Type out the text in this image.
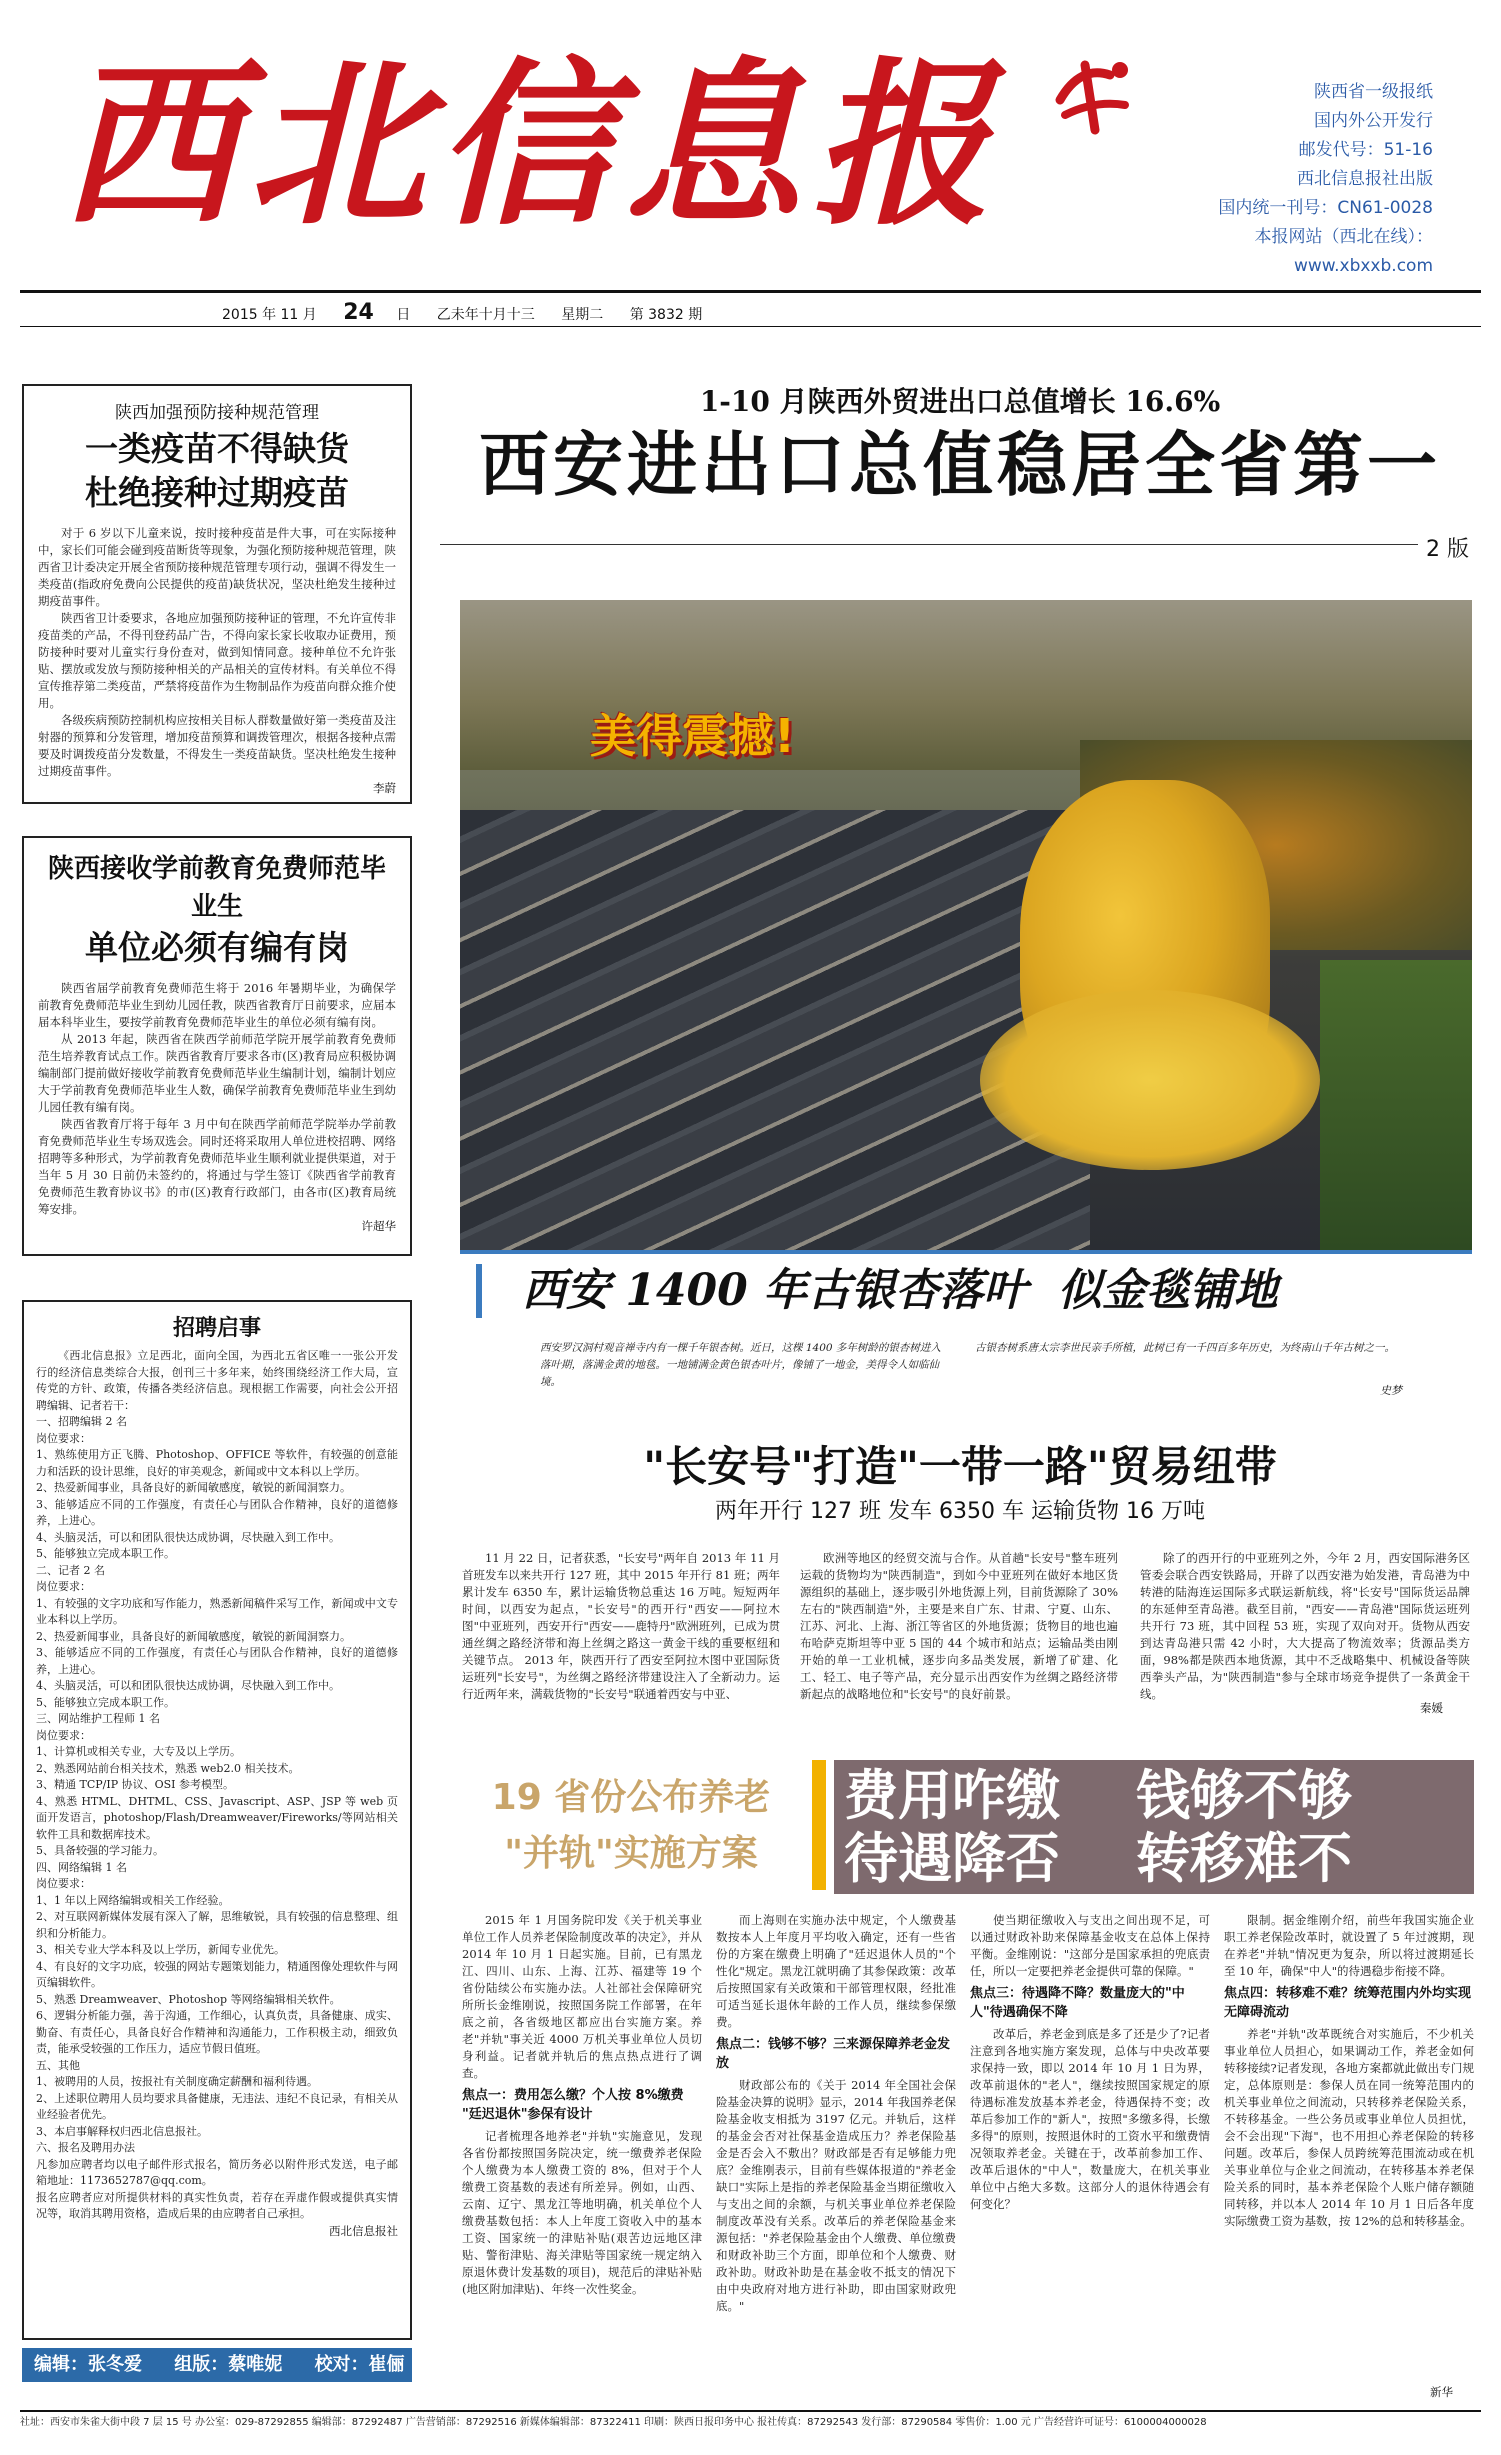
西北信息报	陕西省一级报纸
国内外公开发行
邮发代号：51-16
西北信息报社出版
国内统一刊号：CN61-0028
本报网站（西北在线）：www.xbxxb.com
2015 年 11 月 24 日 乙未年十月十三 星期二 第 3832 期
陕西加强预防接种规范管理
一类疫苗不得缺货
杜绝接种过期疫苗

对于 6 岁以下儿童来说，按时接种疫苗是件大事，可在实际接种中，家长们可能会碰到疫苗断货等现象，为强化预防接种规范管理，陕西省卫计委决定开展全省预防接种规范管理专项行动，强调不得发生一类疫苗(指政府免费向公民提供的疫苗)缺货状况，坚决杜绝发生接种过期疫苗事件。

陕西省卫计委要求，各地应加强预防接种证的管理，不允许宣传非疫苗类的产品，不得刊登药品广告，不得向家长家长收取办证费用，预防接种时要对儿童实行身份查对，做到知情同意。接种单位不允许张贴、摆放或发放与预防接种相关的产品相关的宣传材料。有关单位不得宣传推荐第二类疫苗，严禁将疫苗作为生物制品作为疫苗向群众推介使用。

各级疾病预防控制机构应按相关目标人群数量做好第一类疫苗及注射器的预算和分发管理，增加疫苗预算和调拨管理次，根据各接种点需要及时调拨疫苗分发数量，不得发生一类疫苗缺货。坚决杜绝发生接种过期疫苗事件。

李蔚
陕西接收学前教育免费师范毕业生
单位必须有编有岗

陕西省届学前教育免费师范生将于 2016 年暑期毕业，为确保学前教育免费师范毕业生到幼儿园任教，陕西省教育厅日前要求，应届本届本科毕业生，要按学前教育免费师范毕业生的单位必须有编有岗。

从 2013 年起，陕西省在陕西学前师范学院开展学前教育免费师范生培养教育试点工作。陕西省教育厅要求各市(区)教育局应积极协调编制部门提前做好接收学前教育免费师范毕业生编制计划，编制计划应大于学前教育免费师范毕业生人数，确保学前教育免费师范毕业生到幼儿园任教有编有岗。

陕西省教育厅将于每年 3 月中旬在陕西学前师范学院举办学前教育免费师范毕业生专场双选会。同时还将采取用人单位进校招聘、网络招聘等多种形式，为学前教育免费师范毕业生顺利就业提供渠道，对于当年 5 月 30 日前仍未签约的，将通过与学生签订《陕西省学前教育免费师范生教育协议书》的市(区)教育行政部门，由各市(区)教育局统筹安排。

许超华
招聘启事

《西北信息报》立足西北，面向全国，为西北五省区唯一一张公开发行的经济信息类综合大报，创刊三十多年来，始终围绕经济工作大局，宣传党的方针、政策，传播各类经济信息。现根据工作需要，向社会公开招聘编辑、记者若干：

一、招聘编辑 2 名

岗位要求：

1、熟练使用方正飞腾、Photoshop、OFFICE 等软件，有较强的创意能力和活跃的设计思维，良好的审美观念，新闻或中文本科以上学历。

2、热爱新闻事业，具备良好的新闻敏感度，敏锐的新闻洞察力。

3、能够适应不同的工作强度，有责任心与团队合作精神，良好的道德修养，上进心。

4、头脑灵活，可以和团队很快达成协调，尽快融入到工作中。

5、能够独立完成本职工作。

二、记者 2 名

岗位要求：

1、有较强的文字功底和写作能力，熟悉新闻稿件采写工作，新闻或中文专业本科以上学历。

2、热爱新闻事业，具备良好的新闻敏感度，敏锐的新闻洞察力。

3、能够适应不同的工作强度，有责任心与团队合作精神，良好的道德修养，上进心。

4、头脑灵活，可以和团队很快达成协调，尽快融入到工作中。

5、能够独立完成本职工作。

三、网站维护工程师 1 名

岗位要求：

1、计算机或相关专业，大专及以上学历。

2、熟悉网站前台相关技术，熟悉 web2.0 相关技术。

3、精通 TCP/IP 协议、OSI 参考模型。

4、熟悉 HTML、DHTML、CSS、Javascript、ASP、JSP 等 web 页面开发语言，photoshop/Flash/Dreamweaver/Fireworks/等网站相关软件工具和数据库技术。

5、具备较强的学习能力。

四、网络编辑 1 名

岗位要求：

1、1 年以上网络编辑或相关工作经验。

2、对互联网新媒体发展有深入了解，思维敏锐，具有较强的信息整理、组织和分析能力。

3、相关专业大学本科及以上学历，新闻专业优先。

4、有良好的文字功底，较强的网站专题策划能力，精通图像处理软件与网页编辑软件。

5、熟悉 Dreamweaver、Photoshop 等网络编辑相关软件。

6、逻辑分析能力强，善于沟通，工作细心，认真负责，具备健康、成实、勤奋、有责任心，具备良好合作精神和沟通能力，工作积极主动，细致负责，能承受较强的工作压力，适应节假日值班。

五、其他

1、被聘用的人员，按报社有关制度确定薪酬和福利待遇。

2、上述职位聘用人员均要求具备健康，无违法、违纪不良记录，有相关从业经验者优先。

3、本启事解释权归西北信息报社。

六、报名及聘用办法

凡参加应聘者均以电子邮件形式报名，简历务必以附件形式发送，电子邮箱地址：1173652787@qq.com。

报名应聘者应对所提供材料的真实性负责，若存在弄虚作假或提供真实情况等，取消其聘用资格，造成后果的由应聘者自己承担。

西北信息报社
编辑：张冬爱 组版：蔡唯妮 校对：崔俪
1-10 月陕西外贸进出口总值增长 16.6%
西安进出口总值稳居全省第一
2 版
美得震撼!
西安 1400 年古银杏落叶  似金毯铺地
西安罗汉洞村观音禅寺内有一棵千年银杏树。近日，这棵 1400 多年树龄的银杏树进入落叶期，落满金黄的地毯。一地铺满金黄色银杏叶片，像铺了一地金，美得令人如临仙境。
古银杏树系唐太宗李世民亲手所植，此树已有一千四百多年历史，为终南山千年古树之一。
史梦
"长安号"打造"一带一路"贸易纽带
两年开行 127 班 发车 6350 车 运输货物 16 万吨
11 月 22 日，记者获悉，"长安号"两年自 2013 年 11 月首班发车以来共开行 127 班，其中 2015 年开行 81 班；两年累计发车 6350 车，累计运输货物总重达 16 万吨。短短两年时间，以西安为起点，"长安号"的西开行"西安——阿拉木图"中亚班列，西安开行"西安——鹿特丹"欧洲班列，已成为贯通丝绸之路经济带和海上丝绸之路这一黄金干线的重要枢纽和关键节点。 2013 年，陕西开行了西安至阿拉木图中亚国际货运班列"长安号"，为丝绸之路经济带建设注入了全新动力。运行近两年来，满载货物的"长安号"联通着西安与中亚、
欧洲等地区的经贸交流与合作。从首趟"长安号"整车班列运载的货物均为"陕西制造"，到如今中亚班列在做好本地区货源组织的基础上，逐步吸引外地货源上列，目前货源除了 30%左右的"陕西制造"外，主要是来自广东、甘肃、宁夏、山东、江苏、河北、上海、浙江等省区的外地货源；货物目的地也遍布哈萨克斯坦等中亚 5 国的 44 个城市和站点；运输品类由刚开始的单一工业机械，逐步向多品类发展，新增了矿建、化工、轻工、电子等产品，充分显示出西安作为丝绸之路经济带新起点的战略地位和"长安号"的良好前景。
除了的西开行的中亚班列之外，今年 2 月，西安国际港务区管委会联合西安铁路局，开辟了以西安港为始发港，青岛港为中转港的陆海连运国际多式联运新航线，将"长安号"国际货运品牌的东延伸至青岛港。截至目前，"西安——青岛港"国际货运班列共开行 73 班，其中回程 53 班，实现了双向对开。货物从西安到达青岛港只需 42 小时，大大提高了物流效率；货源品类方面，98%都是陕西本地货源，其中不乏战略集中、机械设备等陕西拳头产品，为"陕西制造"参与全球市场竞争提供了一条黄金干线。
秦媛
19 省份公布养老
"并轨"实施方案
费用咋缴 钱够不够
待遇降否 转移难不

2015 年 1 月国务院印发《关于机关事业单位工作人员养老保险制度改革的决定》，并从 2014 年 10 月 1 日起实施。目前，已有黑龙江、四川、山东、上海、江苏、福建等 19 个省份陆续公布实施办法。人社部社会保障研究所所长金维刚说，按照国务院工作部署，在年底之前，各省级地区都应出台实施方案。养老"并轨"事关近 4000 万机关事业单位人员切身利益。记者就并轨后的焦点热点进行了调查。

焦点一：费用怎么缴？个人按 8%缴费 "廷迟退休"参保有设计

记者梳理各地养老"并轨"实施意见，发现各省份都按照国务院决定，统一缴费养老保险个人缴费为本人缴费工资的 8%，但对于个人缴费工资基数的表述有所差异。例如，山西、云南、辽宁、黑龙江等地明确，机关单位个人缴费基数包括：本人上年度工资收入中的基本工资、国家统一的津贴补贴(艰苦边远地区津贴、警衔津贴、海关津贴等国家统一规定纳入原退休费计发基数的项目)，规范后的津贴补贴(地区附加津贴)、年终一次性奖金。

而上海则在实施办法中规定，个人缴费基数按本人上年度月平均收入确定，还有一些省份的方案在缴费上明确了"廷迟退休人员的"个性化"规定。黑龙江就明确了其参保政策：改革后按照国家有关政策和干部管理权限，经批准可适当延长退休年龄的工作人员，继续参保缴费。

焦点二：钱够不够？三来源保障养老金发放

财政部公布的《关于 2014 年全国社会保险基金决算的说明》显示，2014 年我国养老保险基金收支相抵为 3197 亿元。并轨后，这样的基金会否对社保基金造成压力？养老保险基金是否会入不敷出？财政部是否有足够能力兜底？金维刚表示，目前有些媒体报道的"养老金缺口"实际上是指的养老保险基金当期征缴收入与支出之间的余额，与机关事业单位养老保险制度改革没有关系。改革后的养老保险基金来源包括："养老保险基金由个人缴费、单位缴费和财政补助三个方面，即单位和个人缴费、财政补助。财政补助是在基金收不抵支的情况下由中央政府对地方进行补助，即由国家财政兜底。"

使当期征缴收入与支出之间出现不足，可以通过财政补助来保障基金收支在总体上保持平衡。金维刚说："这部分是国家承担的兜底责任，所以一定要把养老金提供可靠的保障。"

焦点三：待遇降不降？数量庞大的"中人"待遇确保不降

改革后，养老金到底是多了还是少了?记者注意到各地实施方案发现，总体与中央改革要求保持一致，即以 2014 年 10 月 1 日为界，改革前退休的"老人"，继续按照国家规定的原待遇标准发放基本养老金，待遇保持不变；改革后参加工作的"新人"，按照"多缴多得，长缴多得"的原则，按照退休时的工资水平和缴费情况领取养老金。关键在于，改革前参加工作、改革后退休的"中人"，数量庞大，在机关事业单位中占绝大多数。这部分人的退休待遇会有何变化？

限制。据金维刚介绍，前些年我国实施企业职工养老保险改革时，就设置了 5 年过渡期，现在养老"并轨"情况更为复杂，所以将过渡期延长至 10 年，确保"中人"的待遇稳步衔接不降。

焦点四：转移难不难？统筹范围内外均实现无障碍流动

养老"并轨"改革既统合对实施后，不少机关事业单位人员担心，如果调动工作，养老金如何转移接续?记者发现，各地方案都就此做出专门规定，总体原则是：参保人员在同一统筹范围内的机关事业单位之间流动，只转移养老保险关系，不转移基金。一些公务员或事业单位人员担忧，会不会出现"下海"，也不用担心养老保险的转移问题。改革后，参保人员跨统筹范围流动或在机关事业单位与企业之间流动，在转移基本养老保险关系的同时，基本养老保险个人账户储存额随同转移，并以本人 2014 年 10 月 1 日后各年度实际缴费工资为基数，按 12%的总和转移基金。

新华
社址：西安市朱雀大街中段 7 层 15 号 办公室：029-87292855 编辑部：87292487 广告营销部：87292516 新媒体编辑部：87322411 印刷：陕西日报印务中心 报社传真：87292543 发行部：87290584 零售价：1.00 元 广告经营许可证号：6100004000028
